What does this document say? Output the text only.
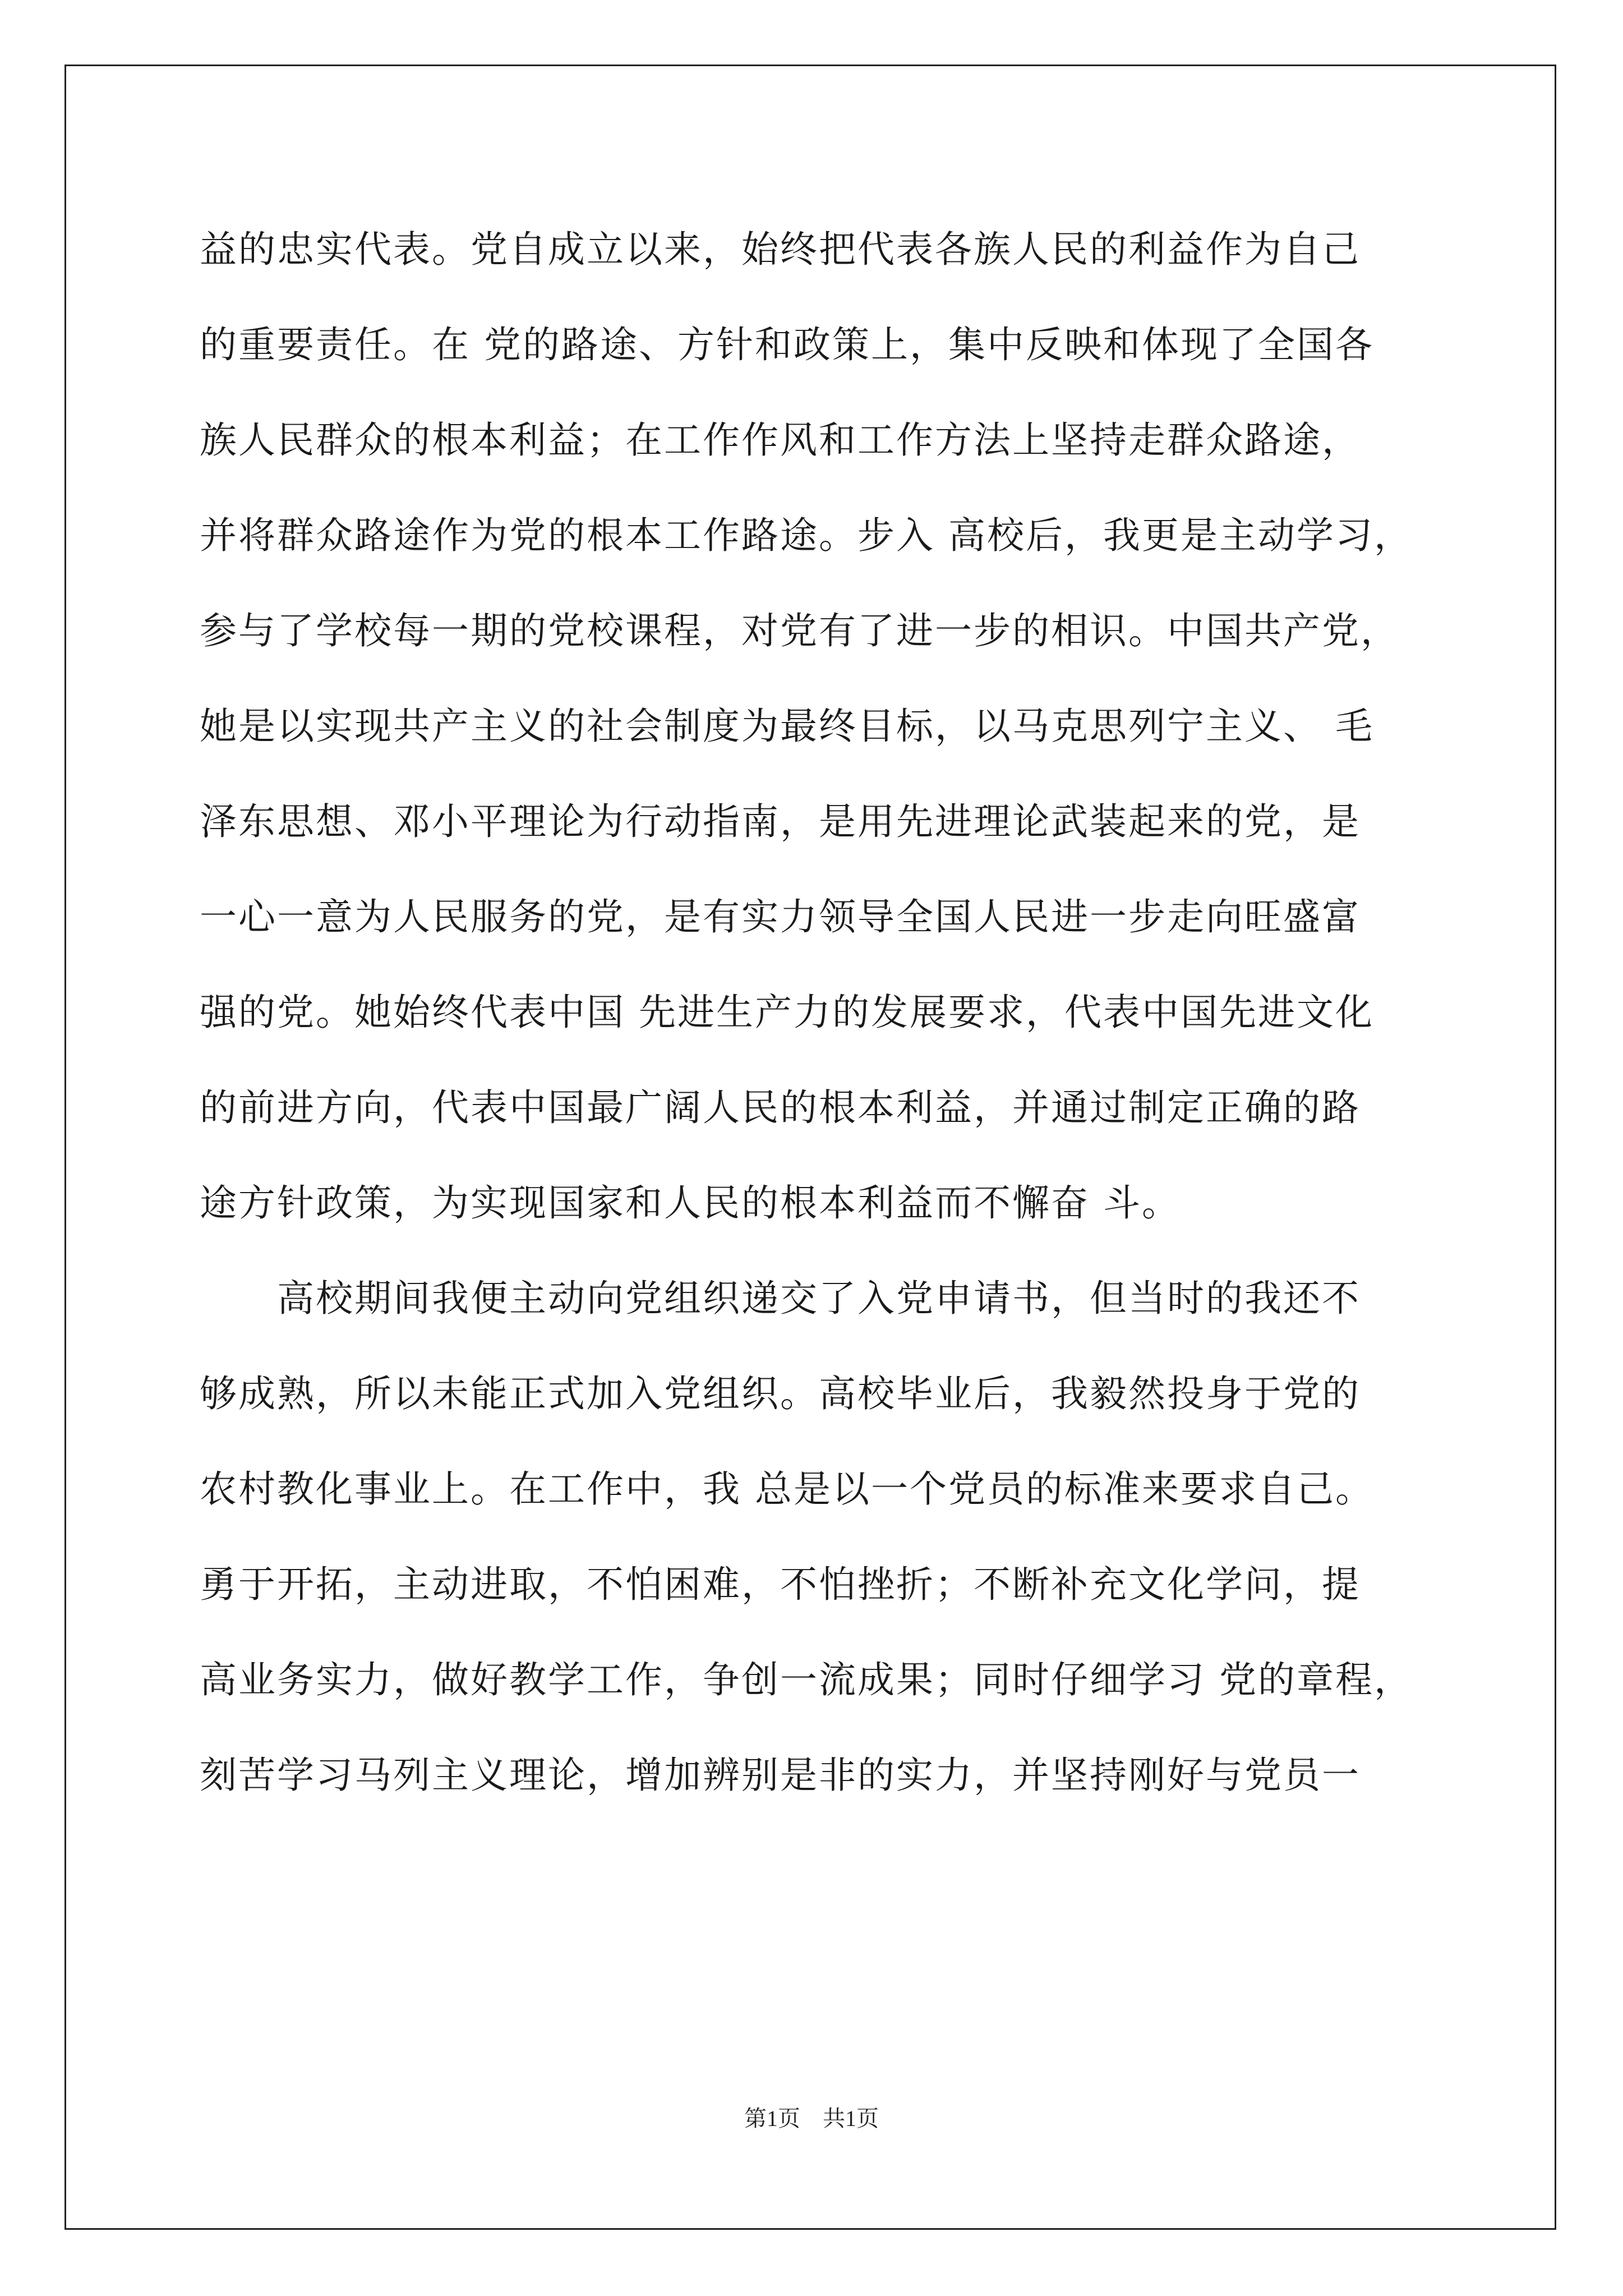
益的忠实代表。党自成立以来，始终把代表各族人民的利益作为自己
的重要责任。在 党的路途、方针和政策上，集中反映和体现了全国各
族人民群众的根本利益；在工作作风和工作方法上坚持走群众路途，
并将群众路途作为党的根本工作路途。步入 高校后，我更是主动学习，
参与了学校每一期的党校课程，对党有了进一步的相识。中国共产党，
她是以实现共产主义的社会制度为最终目标，以马克思列宁主义、 毛
泽东思想、邓小平理论为行动指南，是用先进理论武装起来的党，是
一心一意为人民服务的党，是有实力领导全国人民进一步走向旺盛富
强的党。她始终代表中国 先进生产力的发展要求，代表中国先进文化
的前进方向，代表中国最广阔人民的根本利益，并通过制定正确的路
途方针政策，为实现国家和人民的根本利益而不懈奋 斗。
　　高校期间我便主动向党组织递交了入党申请书，但当时的我还不
够成熟，所以未能正式加入党组织。高校毕业后，我毅然投身于党的
农村教化事业上。在工作中，我 总是以一个党员的标准来要求自己。
勇于开拓，主动进取，不怕困难，不怕挫折；不断补充文化学问，提
高业务实力，做好教学工作，争创一流成果；同时仔细学习 党的章程，
刻苦学习马列主义理论，增加辨别是非的实力，并坚持刚好与党员一
第1页　共1页
